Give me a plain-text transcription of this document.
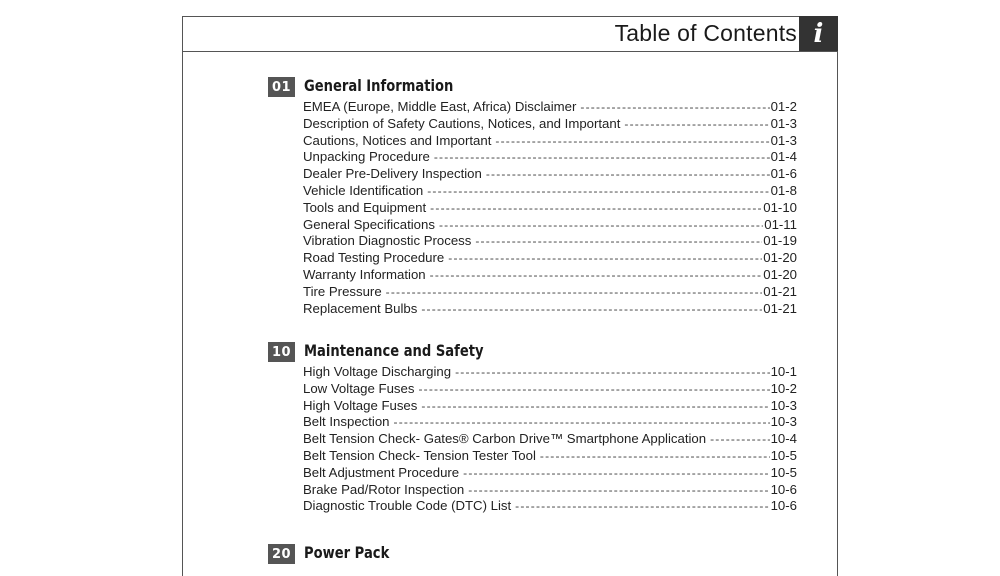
Table of Contents i
01 General Information
EMEA (Europe, Middle East, Africa) Disclaimer -----	01-2
Description of Safety Cautions, Notices, and Important -----	01-3
Cautions, Notices and Important -----	01-3
Unpacking Procedure -----	01-4
Dealer Pre-Delivery Inspection -----	01-6
Vehicle Identification -----	01-8
Tools and Equipment -----	01-10
General Specifications -----	01-11
Vibration Diagnostic Process -----	01-19
Road Testing Procedure -----	01-20
Warranty Information -----	01-20
Tire Pressure -----	01-21
Replacement Bulbs -----	01-21
10 Maintenance and Safety
High Voltage Discharging -----	10-1
Low Voltage Fuses -----	10-2
High Voltage Fuses -----	10-3
Belt Inspection -----	10-3
Belt Tension Check- Gates® Carbon Drive™ Smartphone Application -----	10-4
Belt Tension Check- Tension Tester Tool -----	10-5
Belt Adjustment Procedure -----	10-5
Brake Pad/Rotor Inspection -----	10-6
Diagnostic Trouble Code (DTC) List -----	10-6
20 Power Pack
